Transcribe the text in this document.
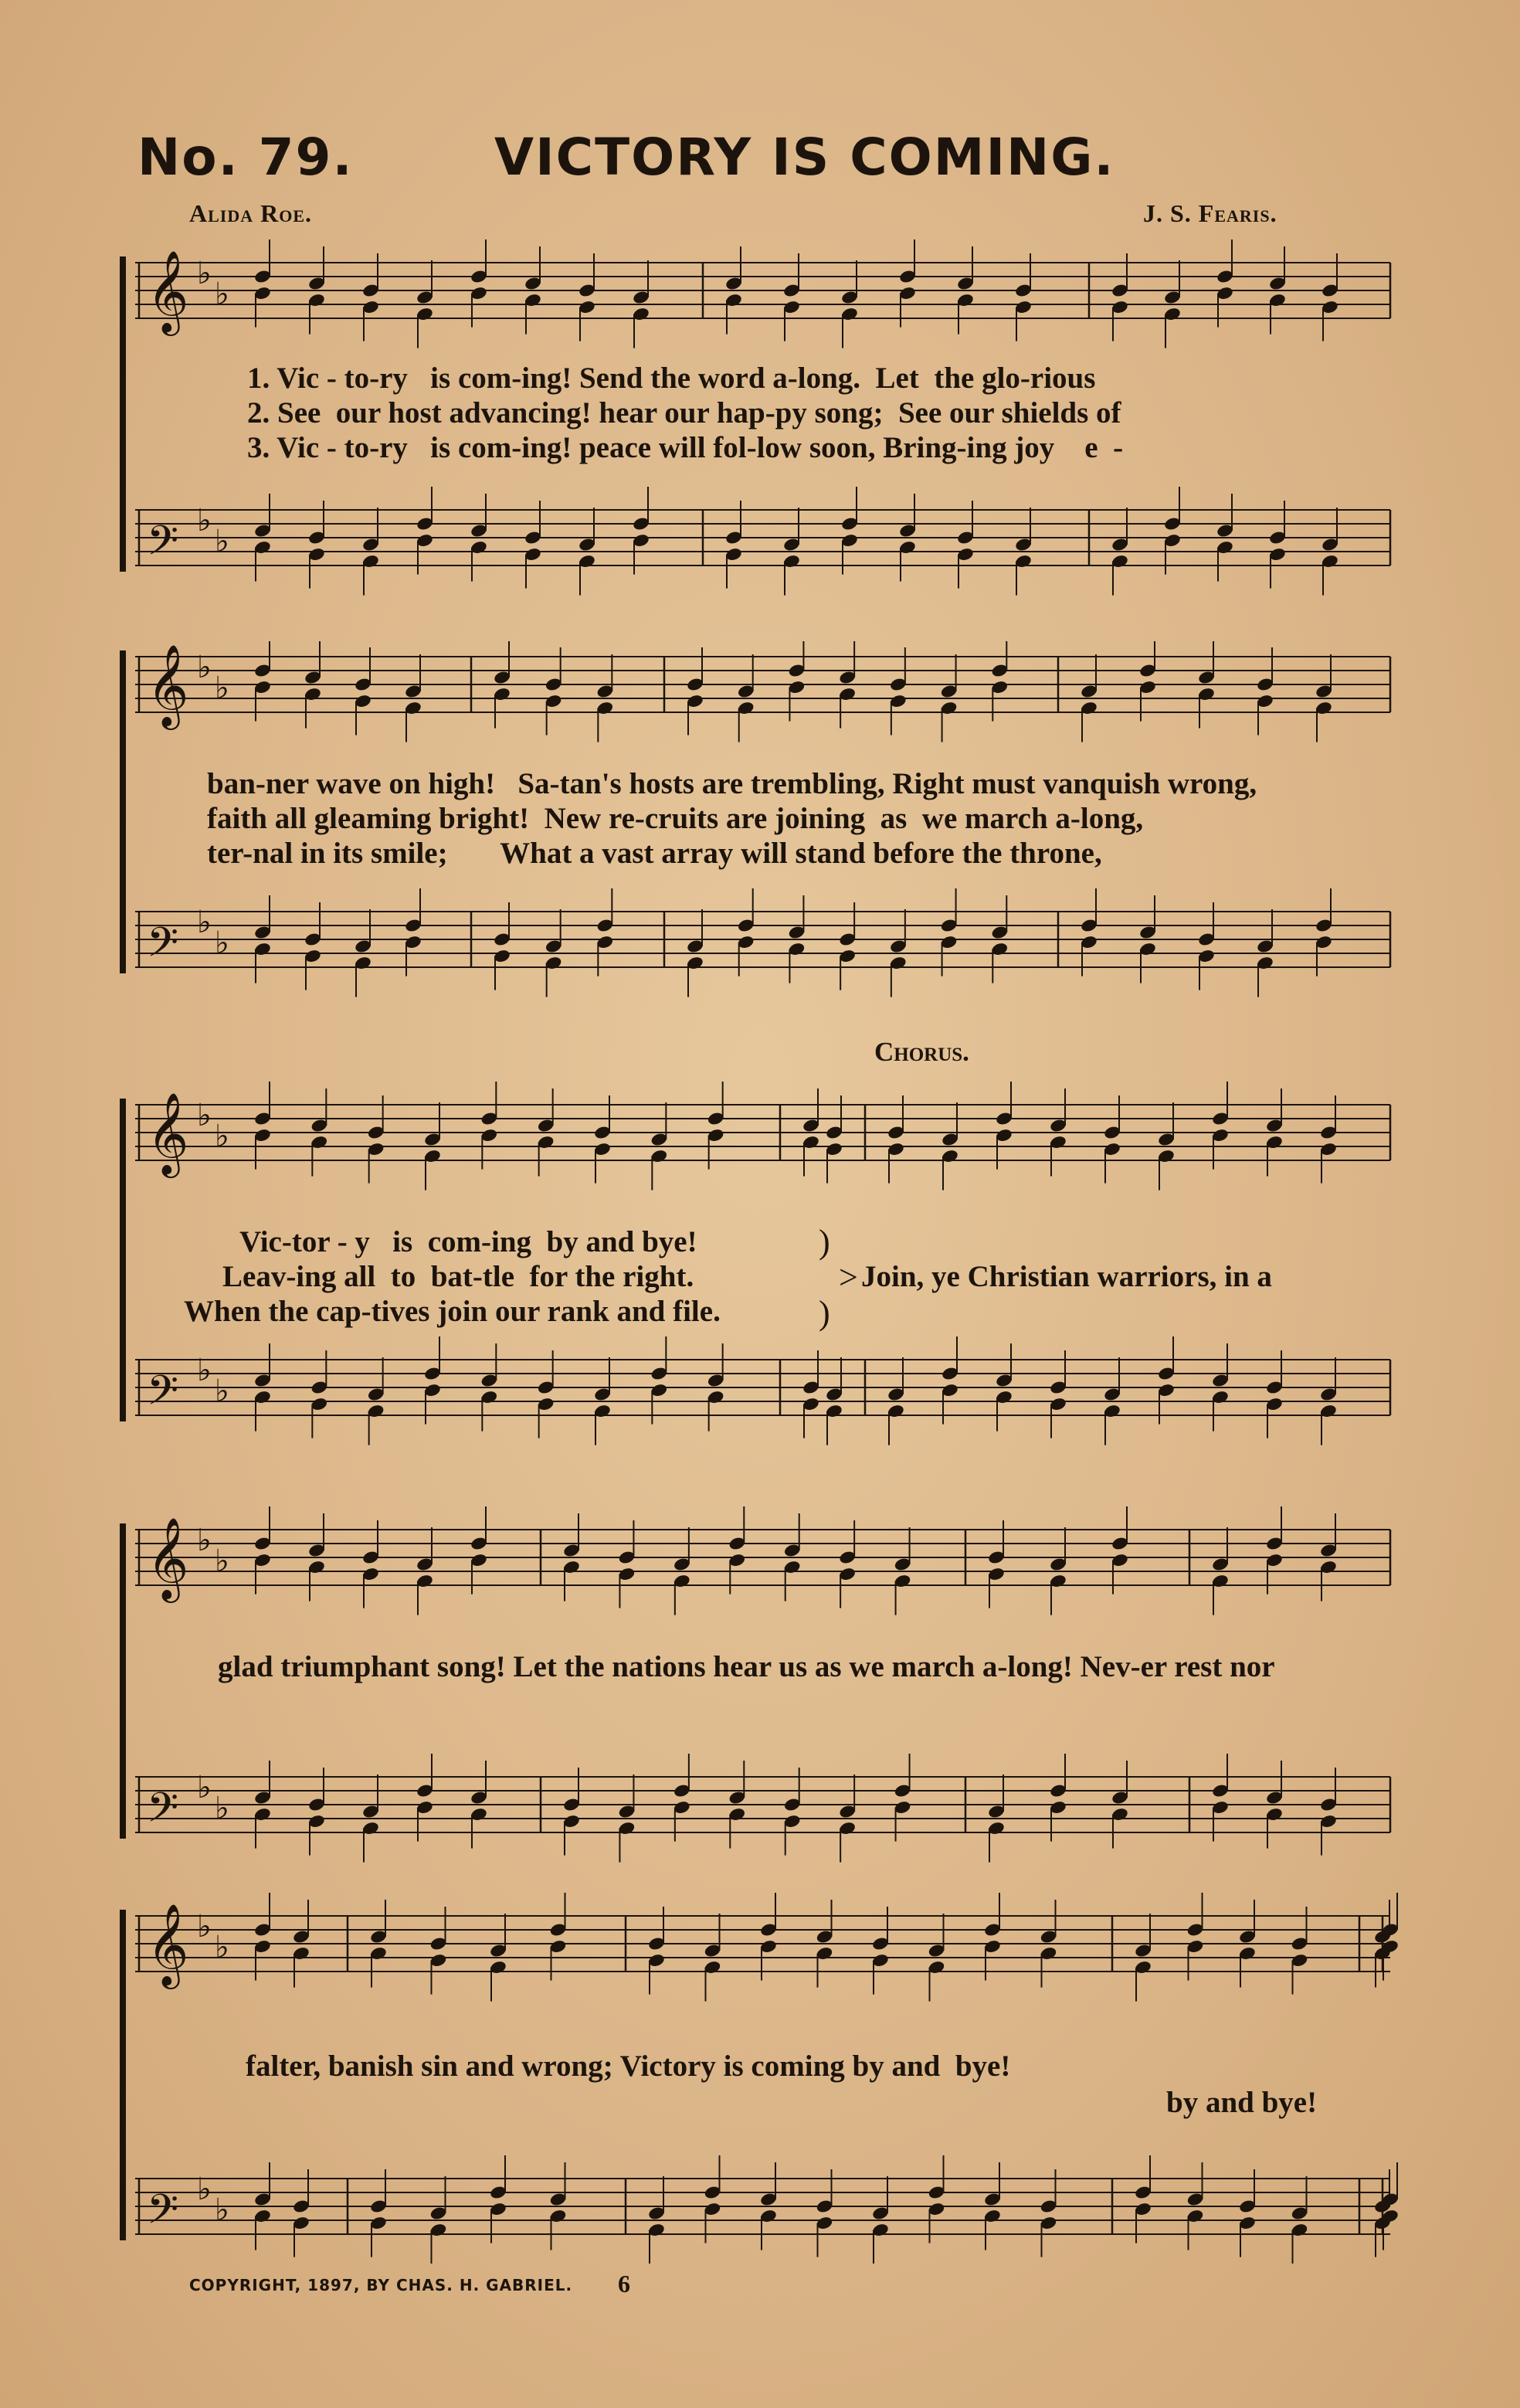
No. 79.	VICTORY IS COMING.
Alida Roe.	J. S. Fearis.
𝄞 ♭
♭
𝄢 ♭
♭
1. Vic - to-ry   is com-ing! Send the word a-long.  Let  the glo-rious
2. See  our host advancing! hear our hap-py song;  See our shields of
3. Vic - to-ry   is com-ing! peace will fol-low soon, Bring-ing joy    e  -
𝄞 ♭
♭
𝄢 ♭
♭
ban-ner wave on high!   Sa-tan's hosts are trembling, Right must vanquish wrong,
faith all gleaming bright!  New re-cruits are joining  as  we march a-long,
ter-nal in its smile;       What a vast array will stand before the throne,
Chorus.
𝄞 ♭
♭
𝄢 ♭
♭
Vic-tor - y   is  com-ing  by and bye!
Leav-ing all  to  bat-tle  for the right.
When the cap-tives join our rank and file.
)
>
)
Join, ye Christian warriors, in a
𝄞 ♭
♭
𝄢 ♭
♭
glad triumphant song! Let the nations hear us as we march a-long! Nev-er rest nor
𝄞 ♭
♭
𝄢 ♭
♭
falter, banish sin and wrong; Victory is coming by and  bye!
by and bye!
COPYRIGHT, 1897, BY CHAS. H. GABRIEL. 6
